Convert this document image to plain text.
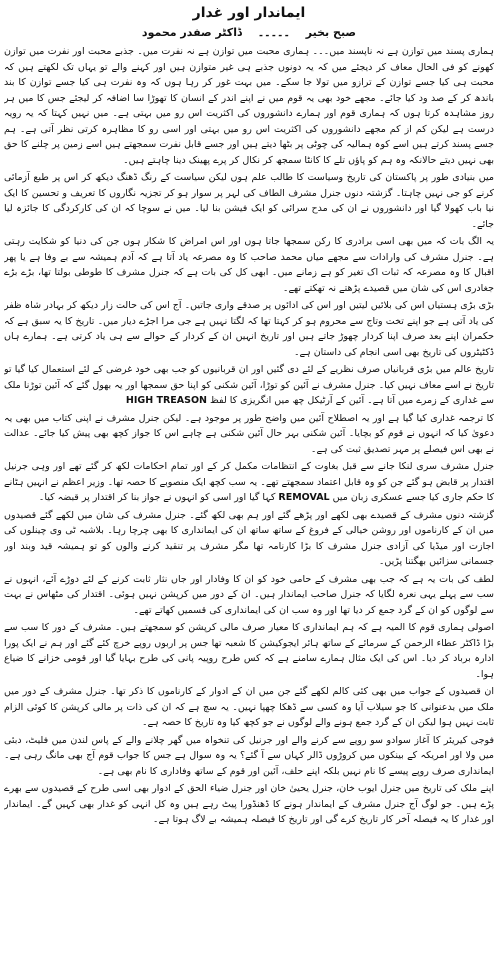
ایماندار اور غدار
صبح بخیر ۔۔۔۔۔ ڈاکٹر صفدر محمود

ہماری پسند میں توازن ہے نہ ناپسند میں۔۔۔ ہماری محبت میں توازن ہے نہ نفرت میں۔ جذبے محبت اور نفرت میں توازن کھونے کو فی الحال معاف کر دیجئے میں کہ یہ دونوں جذبے ہی غیر متوازن ہیں اور کہنے والے تو یہاں تک لکھتے ہیں کہ محبت ہی کیا جسے توازن کے ترازو میں تولا جا سکے۔ میں بہت غور کر رہا ہوں کہ وہ نفرت ہی کیا جسے توازن کا بند باندھ کر کے صد ود کیا جائے۔ مجھے خود بھی یہ قوم میں نے اپنے اندر کے انسان کا تھوڑا سا اضافہ کر لیجئے جس کا میں ہر روز مشاہدہ کرتا ہوں کہ ہماری قوم اور ہمارے دانشوروں کی اکثریت اس رو میں بہتی ہے۔ میں نہیں کہتا کہ یہ رویہ درست ہے لیکن کم از کم مجھے دانشوروں کی اکثریت اس رو میں بہتی اور اسی رو کا مظاہرہ کرتی نظر آتی ہے۔ ہم جسے پسند کرتے ہیں اسے کوہ ہمالیہ کی چوٹی پر بٹھا دیتے ہیں اور جسے قابل نفرت سمجھتے ہیں اسے زمین پر چلنے کا حق بھی نہیں دیتے حالانکہ وہ ہم کو پاؤں تلے کا کانٹا سمجھ کر نکال کر پرے پھینک دینا چاہتے ہیں۔

میں بنیادی طور پر پاکستان کی تاریخ وسیاست کا طالب علم ہوں لیکن سیاست کے رنگ ڈھنگ دیکھ کر اس پر طبع آزمائی کرنے کو جی نہیں چاہتا۔ گزشتہ دنوں جنرل مشرف الطاف کی لہر پر سوار ہو کر تجزیہ نگاروں کا تعریف و تحسین کا ایک نیا باب کھولا گیا اور دانشوروں نے ان کی مدح سرائی کو ایک فیشن بنا لیا۔ میں نے سوچا کہ ان کی کارکردگی کا جائزہ لیا جائے۔

یہ الگ بات کہ میں بھی اسی برادری کا رکن سمجھا جاتا ہوں اور اس امراض کا شکار ہوں جن کی دنیا کو شکایت رہتی ہے۔ جنرل مشرف کی وارادات سے مجھے میاں محمد صاحب کا وہ مصرعہ یاد آتا ہے کہ آدم ہمیشہ سے بے وفا ہے یا پھر اقبال کا وہ مصرعہ کہ ثبات اک تغیر کو ہے زمانے میں۔ ابھی کل کی بات ہے کہ جنرل مشرف کا طوطی بولتا تھا، بڑے بڑے جغادری اس کی شان میں قصیدے پڑھتے نہ تھکتے تھے۔

بڑی بڑی ہستیاں اس کی بلائیں لیتیں اور اس کی ادائوں پر صدقے واری جاتیں۔ آج اس کی حالت زار دیکھ کر بہادر شاہ ظفر کی یاد آتی ہے جو اپنے تخت وتاج سے محروم ہو کر کہتا تھا کہ لگتا نہیں ہے جی مرا اجڑے دیار میں۔ تاریخ کا یہ سبق ہے کہ حکمران اپنے بعد صرف اپنا کردار چھوڑ جاتے ہیں اور تاریخ انہیں ان کے کردار کے حوالے سے ہی یاد کرتی ہے۔ ہمارے ہاں ڈکٹیٹروں کی تاریخ بھی اسی انجام کی داستان ہے۔

تاریخ عالم میں بڑی قربانیاں صرف نظریے کے لئے دی گئیں اور ان قربانیوں کو جب بھی خود غرضی کے لئے استعمال کیا گیا تو تاریخ نے اسے معاف نہیں کیا۔ جنرل مشرف نے آئین کو توڑا، آئین شکنی کو اپنا حق سمجھا اور یہ بھول گئے کہ آئین توڑنا ملک سے غداری کے زمرے میں آتا ہے۔ آئین کے آرٹیکل چھ میں انگریزی کا لفظ HIGH TREASON

کا ترجمہ غداری کیا گیا ہے اور یہ اصطلاح آئین میں واضح طور پر موجود ہے۔ لیکن جنرل مشرف نے اپنی کتاب میں بھی یہ دعویٰ کیا کہ انہوں نے قوم کو بچایا۔ آئین شکنی بہر حال آئین شکنی ہے چاہے اس کا جواز کچھ بھی پیش کیا جائے۔ عدالت نے بھی اس فیصلے پر مہر تصدیق ثبت کی ہے۔

جنرل مشرف سری لنکا جانے سے قبل بغاوت کے انتظامات مکمل کر کے اور تمام احکامات لکھ کر گئے تھے اور وہی جرنیل اقتدار پر قابض ہو گئے جن کو وہ قابل اعتماد سمجھتے تھے۔ یہ سب کچھ ایک منصوبے کا حصہ تھا۔ وزیر اعظم نے انہیں ہٹانے کا حکم جاری کیا جسے عسکری زبان میں REMOVAL کہا گیا اور اسی کو انہوں نے جواز بنا کر اقتدار پر قبضہ کیا۔

گزشتہ دنوں مشرف کے قصیدے بھی لکھے اور پڑھے گئے اور ہم بھی لکھ گئے۔ جنرل مشرف کی شان میں لکھے گئے قصیدوں میں ان کے کارناموں اور روشن خیالی کے فروغ کے ساتھ ساتھ ان کی ایمانداری کا بھی چرچا رہا۔ بلاشبہ ٹی وی چینلوں کی اجازت اور میڈیا کی آزادی جنرل مشرف کا بڑا کارنامہ تھا مگر مشرف پر تنقید کرنے والوں کو تو ہمیشہ قید وبند اور جسمانی سزائیں بھگتنا پڑیں۔

لطف کی بات یہ ہے کہ جب بھی مشرف کے حامی خود کو ان کا وفادار اور جاں نثار ثابت کرنے کے لئے دوڑے آئے، انہوں نے سب سے پہلے یہی نعرہ لگایا کہ جنرل صاحب ایماندار ہیں۔ ان کے دور میں کرپشن نہیں ہوئی۔ اقتدار کی مٹھاس نے بہت سے لوگوں کو ان کے گرد جمع کر دیا تھا اور وہ سب ان کی ایمانداری کی قسمیں کھاتے تھے۔

اصولی ہماری قوم کا المیہ ہے کہ ہم ایمانداری کا معیار صرف مالی کرپشن کو سمجھتے ہیں۔ مشرف کے دور کا سب سے بڑا ڈاکٹر عطاء الرحمن کے سرمائے کے ساتھ ہائر ایجوکیشن کا شعبہ تھا جس پر اربوں روپے خرچ کئے گئے اور ہم نے ایک پورا ادارہ برباد کر دیا۔ اس کی ایک مثال ہمارے سامنے ہے کہ کس طرح روپیہ پانی کی طرح بہایا گیا اور قومی خزانے کا ضیاع ہوا۔

ان قصیدوں کے جواب میں بھی کئی کالم لکھے گئے جن میں ان کے ادوار کے کارناموں کا ذکر تھا۔ جنرل مشرف کے دور میں ملک میں بدعنوانی کا جو سیلاب آیا وہ کسی سے ڈھکا چھپا نہیں۔ یہ سچ ہے کہ ان کی ذات پر مالی کرپشن کا کوئی الزام ثابت نہیں ہوا لیکن ان کے گرد جمع ہونے والے لوگوں نے جو کچھ کیا وہ تاریخ کا حصہ ہے۔

فوجی کیریئر کا آغاز سوادو سو روپے سے کرنے والے اور جرنیل کی تنخواہ میں گھر چلانے والے کے پاس لندن میں فلیٹ، دبئی میں ولا اور امریکہ کے بینکوں میں کروڑوں ڈالر کہاں سے آ گئے؟ یہ وہ سوال ہے جس کا جواب قوم آج بھی مانگ رہی ہے۔ ایمانداری صرف روپے پیسے کا نام نہیں بلکہ اپنے حلف، آئین اور قوم کے ساتھ وفاداری کا نام بھی ہے۔

اپنے ملک کی تاریخ میں جنرل ایوب خان، جنرل یحییٰ خان اور جنرل ضیاء الحق کے ادوار بھی اسی طرح کے قصیدوں سے بھرے پڑے ہیں۔ جو لوگ آج جنرل مشرف کے ایماندار ہونے کا ڈھنڈورا پیٹ رہے ہیں وہ کل انہی کو غدار بھی کہیں گے۔ ایماندار اور غدار کا یہ فیصلہ آخر کار تاریخ کرے گی اور تاریخ کا فیصلہ ہمیشہ بے لاگ ہوتا ہے۔
